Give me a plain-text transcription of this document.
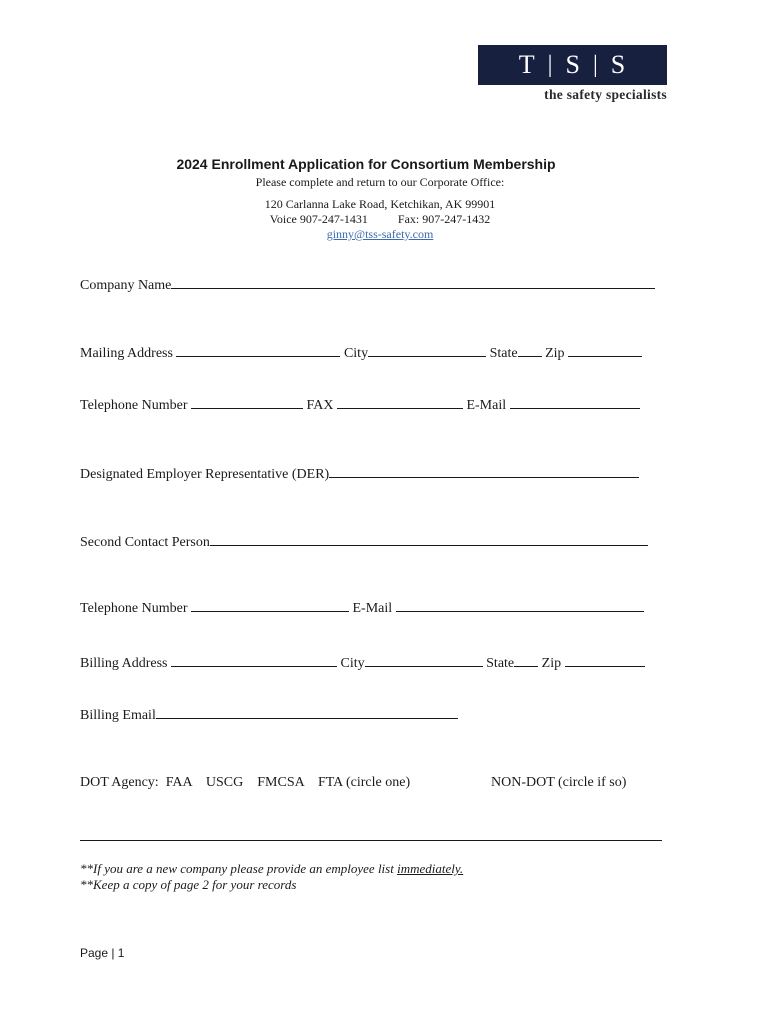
T | S | S
the safety specialists
2024 Enrollment Application for Consortium Membership
Please complete and return to our Corporate Office:
120 Carlanna Lake Road, Ketchikan, AK 99901
Voice 907-247-1431	Fax: 907-247-1432
ginny@tss-safety.com
Company Name
Mailing Address	City	State Zip
Telephone Number	FAX	E-Mail
Designated Employer Representative (DER)
Second Contact Person
Telephone Number	E-Mail
Billing Address	City	State Zip
Billing Email
DOT Agency: FAA USCG FMCSA FTA (circle one)	NON-DOT (circle if so)
**If you are a new company please provide an employee list immediately.
**Keep a copy of page 2 for your records
Page | 1
